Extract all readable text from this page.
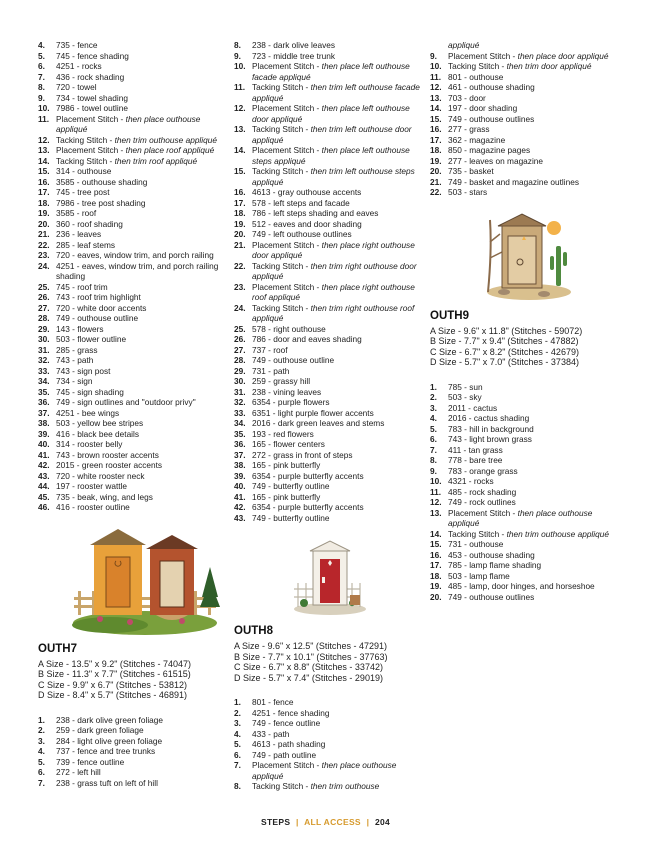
4.	735 - fence
5.	745 - fence shading
6.	4251 - rocks
7.	436 - rock shading
8.	720 - towel
9.	734 - towel shading
10. 7986 - towel outline
11. Placement Stitch - then place outhouse appliqué
12. Tacking Stitch - then trim outhouse appliqué
13. Placement Stitch - then place roof appliqué
14. Tacking Stitch - then trim roof appliqué
15. 314 - outhouse
16. 3585 - outhouse shading
17. 745 - tree post
18. 7986 - tree post shading
19. 3585 - roof
20. 360 - roof shading
21. 236 - leaves
22. 285 - leaf stems
23. 720 - eaves, window trim, and porch railing
24. 4251 - eaves, window trim, and porch railing shading
25. 745 - roof trim
26. 743 - roof trim highlight
27. 720 - white door accents
28. 749 - outhouse outline
29. 143 - flowers
30. 503 - flower outline
31. 285 - grass
32. 743 - path
33. 743 - sign post
34. 734 - sign
35. 745 - sign shading
36. 749 - sign outlines and "outdoor privy"
37. 4251 - bee wings
38. 503 - yellow bee stripes
39. 416 - black bee details
40. 314 - rooster belly
41. 743 - brown rooster accents
42. 2015 - green rooster accents
43. 720 - white rooster neck
44. 197 - rooster wattle
45. 735 - beak, wing, and legs
46. 416 - rooster outline
OUTH7
A Size - 13.5" x 9.2" (Stitches - 74047)
B Size - 11.3" x 7.7" (Stitches - 61515)
C Size - 9.9" x 6.7" (Stitches - 53812)
D Size - 8.4" x 5.7" (Stitches - 46891)
1.	238 - dark olive green foliage
2.	259 - dark green foliage
3.	284 - light olive green foliage
4.	737 - fence and tree trunks
5.	739 - fence outline
6.	272 - left hill
7.	238 - grass tuft on left of hill
8.	238 - dark olive leaves
9.	723 - middle tree trunk
10. Placement Stitch - then place left outhouse facade appliqué
11. Tacking Stitch - then trim left outhouse facade appliqué
12. Placement Stitch - then place left outhouse door appliqué
13. Tacking Stitch - then trim left outhouse door appliqué
14. Placement Stitch - then place left outhouse steps appliqué
15. Tacking Stitch - then trim left outhouse steps appliqué
16. 4613 - gray outhouse accents
17. 578 - left steps and facade
18. 786 - left steps shading and eaves
19. 512 - eaves and door shading
20. 749 - left outhouse outlines
21. Placement Stitch - then place right outhouse door appliqué
22. Tacking Stitch - then trim right outhouse door appliqué
23. Placement Stitch - then place right outhouse roof appliqué
24. Tacking Stitch - then trim right outhouse roof appliqué
25. 578 - right outhouse
26. 786 - door and eaves shading
27. 737 - roof
28. 749 - outhouse outline
29. 731 - path
30. 259 - grassy hill
31. 238 - vining leaves
32. 6354 - purple flowers
33. 6351 - light purple flower accents
34. 2016 - dark green leaves and stems
35. 193 - red flowers
36. 165 - flower centers
37. 272 - grass in front of steps
38. 165 - pink butterfly
39. 6354 - purple butterfly accents
40. 749 - butterfly outline
41. 165 - pink butterfly
42. 6354 - purple butterfly accents
43. 749 - butterfly outline
OUTH8
A Size - 9.6" x 12.5" (Stitches - 47291)
B Size - 7.7" x 10.1" (Stitches - 37763)
C Size - 6.7" x 8.8" (Stitches - 33742)
D Size - 5.7" x 7.4" (Stitches - 29019)
1.	801 - fence
2.	4251 - fence shading
3.	749 - fence outline
4.	433 - path
5.	4613 - path shading
6.	749 - path outline
7.	Placement Stitch - then place outhouse appliqué
8.	Tacking Stitch - then trim outhouse
appliqué
9.	Placement Stitch - then place door appliqué
10. Tacking Stitch - then trim door appliqué
11. 801 - outhouse
12. 461 - outhouse shading
13. 703 - door
14. 197 - door shading
15. 749 - outhouse outlines
16. 277 - grass
17. 362 - magazine
18. 850 - magazine pages
19. 277 - leaves on magazine
20. 735 - basket
21. 749 - basket and magazine outlines
22. 503 - stars
OUTH9
A Size - 9.6" x 11.8" (Stitches - 59072)
B Size - 7.7" x 9.4" (Stitches - 47882)
C Size - 6.7" x 8.2" (Stitches - 42679)
D Size - 5.7" x 7.0" (Stitches - 37384)
1.	785 - sun
2.	503 - sky
3.	2011 - cactus
4.	2016 - cactus shading
5.	783 - hill in background
6.	743 - light brown grass
7.	411 - tan grass
8.	778 - bare tree
9.	783 - orange grass
10. 4321 - rocks
11. 485 - rock shading
12. 749 - rock outlines
13. Placement Stitch - then place outhouse appliqué
14. Tacking Stitch - then trim outhouse appliqué
15. 731 - outhouse
16. 453 - outhouse shading
17. 785 - lamp flame shading
18. 503 - lamp flame
19. 485 - lamp, door hinges, and horseshoe
20. 749 - outhouse outlines
STEPS | ALL ACCESS | 204
